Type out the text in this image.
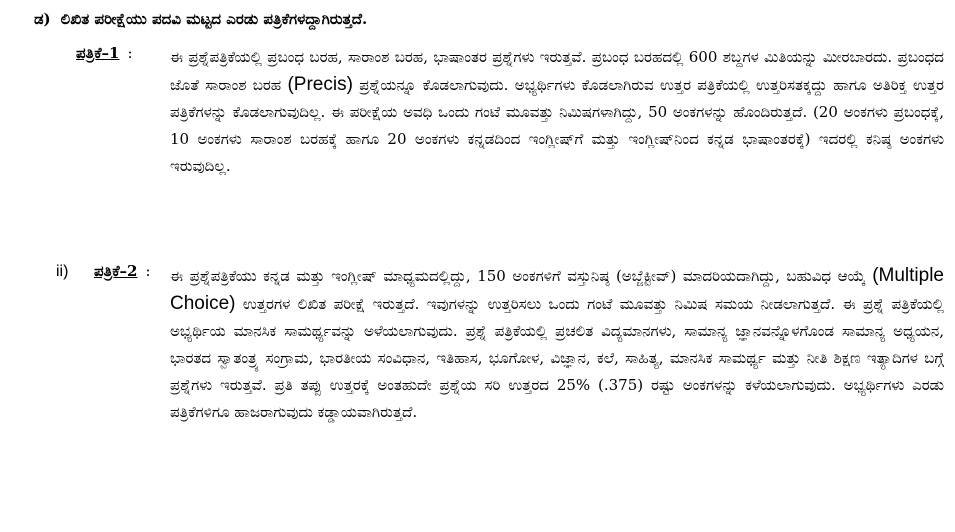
ಡ) ಲಿಖಿತ ಪರೀಕ್ಷೆಯು ಪದವಿ ಮಟ್ಟದ ಎರಡು ಪತ್ರಿಕೆಗಳದ್ದಾಗಿರುತ್ತದೆ.
ಪತ್ರಿಕೆ–1 : ಈ ಪ್ರಶ್ನೆಪತ್ರಿಕೆಯಲ್ಲಿ ಪ್ರಬಂಧ ಬರಹ, ಸಾರಾಂಶ ಬರಹ, ಭಾಷಾಂತರ ಪ್ರಶ್ನೆಗಳು ಇರುತ್ತವೆ. ಪ್ರಬಂಧ ಬರಹದಲ್ಲಿ 600 ಶಬ್ದಗಳ ಮಿತಿಯನ್ನು ಮೀರಬಾರದು. ಪ್ರಬಂಧದ ಜೊತೆ ಸಾರಾಂಶ ಬರಹ (Precis) ಪ್ರಶ್ನೆಯನ್ನೂ ಕೊಡಲಾಗುವುದು. ಅಭ್ಯರ್ಥಿಗಳು ಕೊಡಲಾಗಿರುವ ಉತ್ತರ ಪತ್ರಿಕೆಯಲ್ಲಿ ಉತ್ತರಿಸತಕ್ಕದ್ದು ಹಾಗೂ ಅತಿರಿಕ್ತ ಉತ್ತರ ಪತ್ರಿಕೆಗಳನ್ನು ಕೊಡಲಾಗುವುದಿಲ್ಲ. ಈ ಪರೀಕ್ಷೆಯ ಅವಧಿ ಒಂದು ಗಂಟೆ ಮೂವತ್ತು ನಿಮಿಷಗಳಾಗಿದ್ದು, 50 ಅಂಕಗಳನ್ನು ಹೊಂದಿರುತ್ತದೆ. (20 ಅಂಕಗಳು ಪ್ರಬಂಧಕ್ಕೆ, 10 ಅಂಕಗಳು ಸಾರಾಂಶ ಬರಹಕ್ಕೆ ಹಾಗೂ 20 ಅಂಕಗಳು ಕನ್ನಡದಿಂದ ಇಂಗ್ಲೀಷ್‌ಗೆ ಮತ್ತು ಇಂಗ್ಲೀಷ್‌ನಿಂದ ಕನ್ನಡ ಭಾಷಾಂತರಕ್ಕೆ) ಇದರಲ್ಲಿ ಕನಿಷ್ಠ ಅಂಕಗಳು ಇರುವುದಿಲ್ಲ.
ii) ಪತ್ರಿಕೆ–2 : ಈ ಪ್ರಶ್ನೆಪತ್ರಿಕೆಯು ಕನ್ನಡ ಮತ್ತು ಇಂಗ್ಲೀಷ್ ಮಾಧ್ಯಮದಲ್ಲಿದ್ದು, 150 ಅಂಕಗಳಿಗೆ ವಸ್ತುನಿಷ್ಠ (ಅಬ್ಜೆಕ್ಟೀವ್) ಮಾದರಿಯದಾಗಿದ್ದು, ಬಹುವಿಧ ಆಯ್ಕೆ (Multiple Choice) ಉತ್ತರಗಳ ಲಿಖಿತ ಪರೀಕ್ಷೆ ಇರುತ್ತದೆ. ಇವುಗಳನ್ನು ಉತ್ತರಿಸಲು ಒಂದು ಗಂಟೆ ಮೂವತ್ತು ನಿಮಿಷ ಸಮಯ ನೀಡಲಾಗುತ್ತದೆ. ಈ ಪ್ರಶ್ನೆ ಪತ್ರಿಕೆಯಲ್ಲಿ ಅಭ್ಯರ್ಥಿಯ ಮಾನಸಿಕ ಸಾಮರ್ಥ್ಯವನ್ನು ಅಳೆಯಲಾಗುವುದು. ಪ್ರಶ್ನೆ ಪತ್ರಿಕೆಯಲ್ಲಿ ಪ್ರಚಲಿತ ವಿದ್ಯಮಾನಗಳು, ಸಾಮಾನ್ಯ ಜ್ಞಾನವನ್ನೊಳಗೊಂಡ ಸಾಮಾನ್ಯ ಅಧ್ಯಯನ, ಭಾರತದ ಸ್ವಾತಂತ್ರ್ಯ ಸಂಗ್ರಾಮ, ಭಾರತೀಯ ಸಂವಿಧಾನ, ಇತಿಹಾಸ, ಭೂಗೋಳ, ವಿಜ್ಞಾನ, ಕಲೆ, ಸಾಹಿತ್ಯ, ಮಾನಸಿಕ ಸಾಮರ್ಥ್ಯ ಮತ್ತು ನೀತಿ ಶಿಕ್ಷಣ ಇತ್ಯಾದಿಗಳ ಬಗ್ಗೆ ಪ್ರಶ್ನೆಗಳು ಇರುತ್ತವೆ. ಪ್ರತಿ ತಪ್ಪು ಉತ್ತರಕ್ಕೆ ಅಂತಹುದೇ ಪ್ರಶ್ನೆಯ ಸರಿ ಉತ್ತರದ 25% (.375) ರಷ್ಟು ಅಂಕಗಳನ್ನು ಕಳೆಯಲಾಗುವುದು. ಅಭ್ಯರ್ಥಿಗಳು ಎರಡು ಪತ್ರಿಕೆಗಳಿಗೂ ಹಾಜರಾಗುವುದು ಕಡ್ಡಾಯವಾಗಿರುತ್ತದೆ.
